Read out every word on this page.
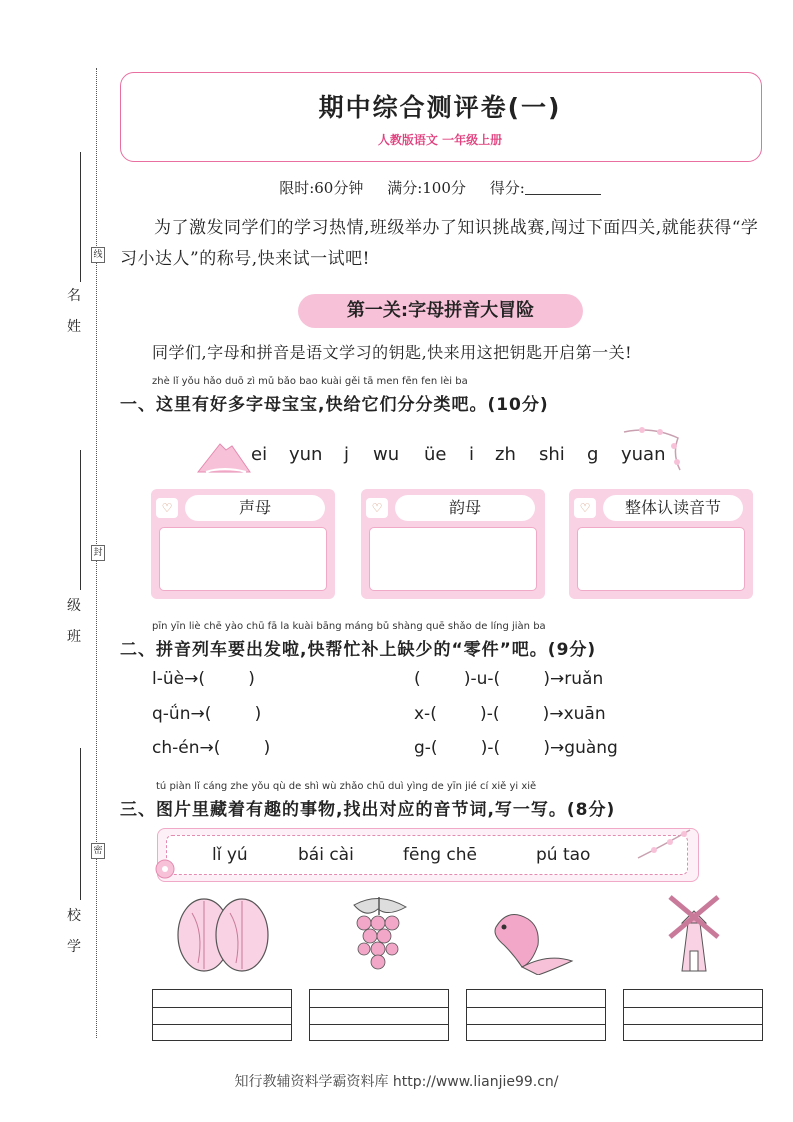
名
姓
线
级
班
封
校
学
密
期中综合测评卷(一)
人教版语文 一年级上册
限时:60分钟 满分:100分 得分:
为了激发同学们的学习热情,班级举办了知识挑战赛,闯过下面四关,就能获得“学习小达人”的称号,快来试一试吧!
第一关:字母拼音大冒险
同学们,字母和拼音是语文学习的钥匙,快来用这把钥匙开启第一关!
zhè lǐ yǒu hǎo duō zì mǔ bǎo bao kuài gěi tā men fēn fen lèi ba
一、这里有好多字母宝宝,快给它们分分类吧。(10分)
ei yun j wu üe i zh shi g yuan
♡	声母	♡	韵母	♡	整体认读音节
pīn yīn liè chē yào chū fā la kuài bāng máng bǔ shàng quē shǎo de líng jiàn ba
二、拼音列车要出发啦,快帮忙补上缺少的“零件”吧。(9分)
l-üè→(        )	(        )-u-(        )→ruǎn
q-ǘn→(        )	x-(        )-(        )→xuān
ch-én→(        )	g-(        )-(        )→guàng
tú piàn lǐ cáng zhe yǒu qù de shì wù zhǎo chū duì yìng de yīn jié cí xiě yi xiě
三、图片里藏着有趣的事物,找出对应的音节词,写一写。(8分)
lǐ yú	bái cài	fēng chē	pú tao
知行教辅资料学霸资料库 http://www.lianjie99.cn/
